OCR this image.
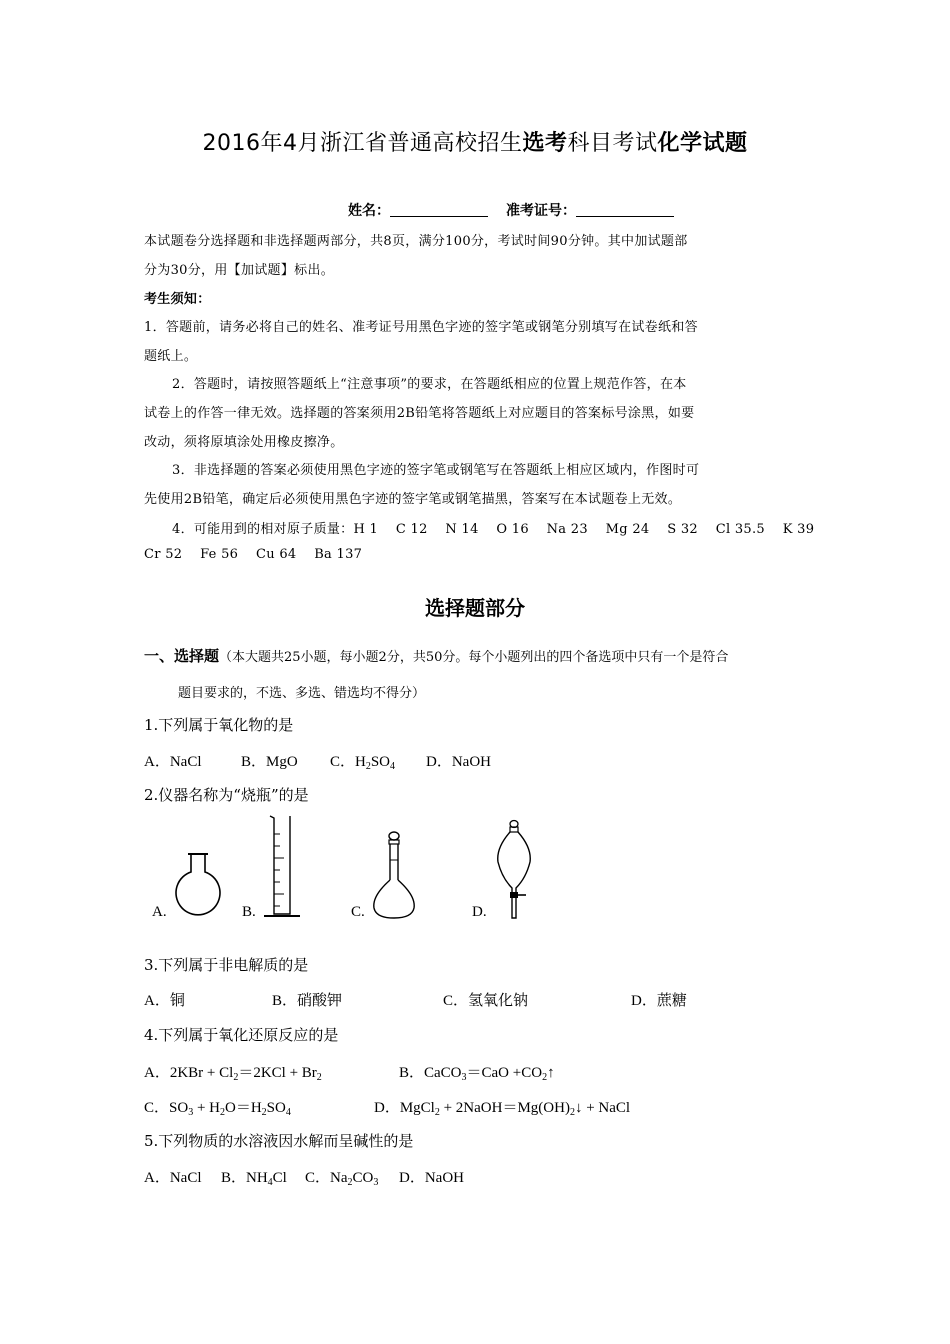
2016年4月浙江省普通高校招生选考科目考试化学试题
姓名：	准考证号：
本试题卷分选择题和非选择题两部分，共8页，满分100分，考试时间90分钟。其中加试题部
分为30分，用【加试题】标出。
考生须知：
1．答题前，请务必将自己的姓名、准考证号用黑色字迹的签字笔或钢笔分别填写在试卷纸和答
题纸上。
2．答题时，请按照答题纸上“注意事项”的要求，在答题纸相应的位置上规范作答，在本
试卷上的作答一律无效。选择题的答案须用2B铅笔将答题纸上对应题目的答案标号涂黑，如要
改动，须将原填涂处用橡皮擦净。
3．非选择题的答案必须使用黑色字迹的签字笔或钢笔写在答题纸上相应区域内，作图时可
先使用2B铅笔，确定后必须使用黑色字迹的签字笔或钢笔描黑，答案写在本试题卷上无效。
4．可能用到的相对原子质量：H 1    C 12    N 14    O 16    Na 23    Mg 24    S 32    Cl 35.5    K 39
Cr 52    Fe 56    Cu 64    Ba 137
选择题部分
一、选择题（本大题共25小题，每小题2分，共50分。每个小题列出的四个备选项中只有一个是符合
题目要求的，不选、多选、错选均不得分）
1.下列属于氧化物的是
A．NaCl	B．MgO C．$H_2SO_4$ D．NaOH
2.仪器名称为“烧瓶”的是
A.	B.	C.	D.
3.下列属于非电解质的是
A．铜	B．硝酸钾	C．氢氧化钠	D．蔗糖
4.下列属于氧化还原反应的是
A．$2KBr + Cl_2=2KCl + Br_2$	B．CaCO$_3$＝CaO $+CO_2↑$
C．$SO_3 + H_2O=H_2SO_4$	D．MgCl$_2$ + $2NaOH=Mg(OH)_2↓$ + NaCl
5.下列物质的水溶液因水解而呈碱性的是
A．NaCl B．$NH_4Cl$ C．$Na_2CO_3$ D．NaOH
